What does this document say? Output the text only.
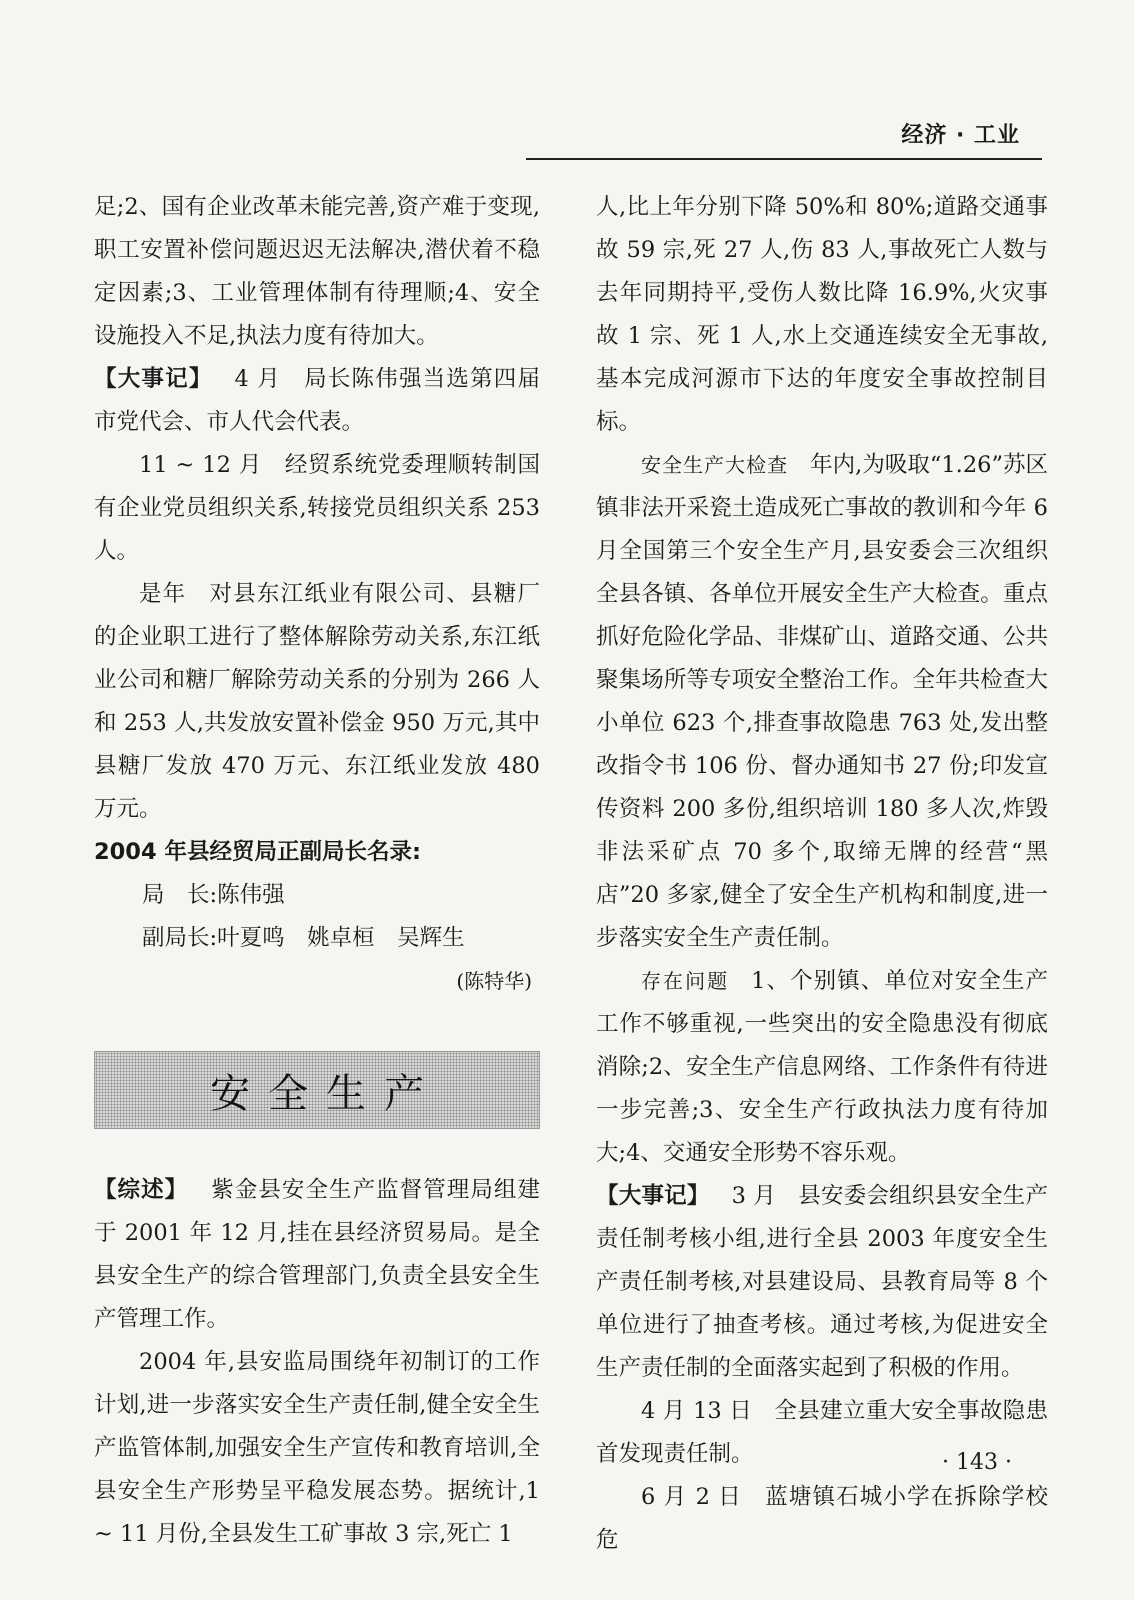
经济 · 工业

足;2、国有企业改革未能完善,资产难于变现,职工安置补偿问题迟迟无法解决,潜伏着不稳定因素;3、工业管理体制有待理顺;4、安全设施投入不足,执法力度有待加大。

【大事记】 4 月 局长陈伟强当选第四届市党代会、市人代会代表。

11 ~ 12 月 经贸系统党委理顺转制国有企业党员组织关系,转接党员组织关系 253 人。

是年 对县东江纸业有限公司、县糖厂的企业职工进行了整体解除劳动关系,东江纸业公司和糖厂解除劳动关系的分别为 266 人和 253 人,共发放安置补偿金 950 万元,其中县糖厂发放 470 万元、东江纸业发放 480 万元。

2004 年县经贸局正副局长名录:

局　长:陈伟强

副局长:叶夏鸣　姚卓桓　吴辉生

(陈特华)

安全生产

【综述】 紫金县安全生产监督管理局组建于 2001 年 12 月,挂在县经济贸易局。是全县安全生产的综合管理部门,负责全县安全生产管理工作。

2004 年,县安监局围绕年初制订的工作计划,进一步落实安全生产责任制,健全安全生产监管体制,加强安全生产宣传和教育培训,全县安全生产形势呈平稳发展态势。据统计,1 ~ 11 月份,全县发生工矿事故 3 宗,死亡 1

人,比上年分别下降 50%和 80%;道路交通事故 59 宗,死 27 人,伤 83 人,事故死亡人数与去年同期持平,受伤人数比降 16.9%,火灾事故 1 宗、死 1 人,水上交通连续安全无事故,基本完成河源市下达的年度安全事故控制目标。

安全生产大检查 年内,为吸取“1.26”苏区镇非法开采瓷土造成死亡事故的教训和今年 6 月全国第三个安全生产月,县安委会三次组织全县各镇、各单位开展安全生产大检查。重点抓好危险化学品、非煤矿山、道路交通、公共聚集场所等专项安全整治工作。全年共检查大小单位 623 个,排查事故隐患 763 处,发出整改指令书 106 份、督办通知书 27 份;印发宣传资料 200 多份,组织培训 180 多人次,炸毁非法采矿点 70 多个,取缔无牌的经营“黑店”20 多家,健全了安全生产机构和制度,进一步落实安全生产责任制。

存在问题 1、个别镇、单位对安全生产工作不够重视,一些突出的安全隐患没有彻底消除;2、安全生产信息网络、工作条件有待进一步完善;3、安全生产行政执法力度有待加大;4、交通安全形势不容乐观。

【大事记】 3 月 县安委会组织县安全生产责任制考核小组,进行全县 2003 年度安全生产责任制考核,对县建设局、县教育局等 8 个单位进行了抽查考核。通过考核,为促进安全生产责任制的全面落实起到了积极的作用。

4 月 13 日 全县建立重大安全事故隐患首发现责任制。

6 月 2 日 蓝塘镇石城小学在拆除学校危

· 143 ·
